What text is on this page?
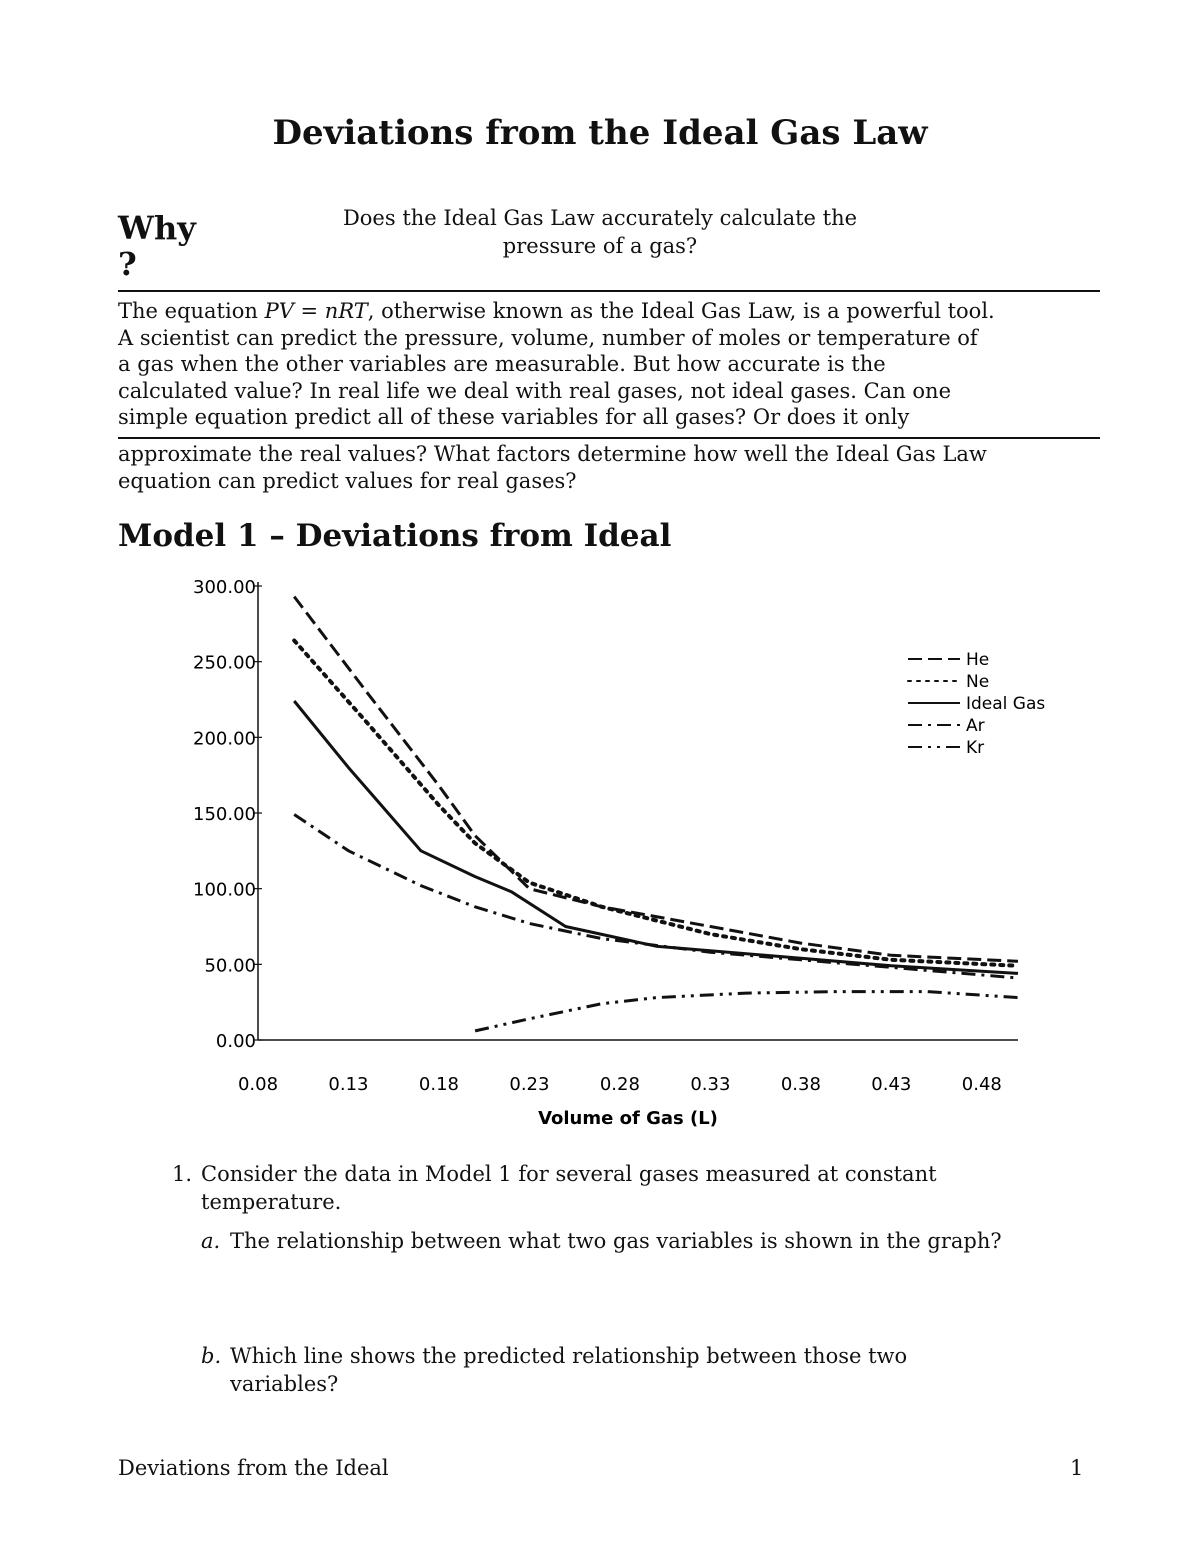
Deviations from the Ideal Gas Law
Why
?
Does the Ideal Gas Law accurately calculate the pressure of a gas?
The equation PV = nRT, otherwise known as the Ideal Gas Law, is a powerful tool.
A scientist can predict the pressure, volume, number of moles or temperature of
a gas when the other variables are measurable. But how accurate is the
calculated value? In real life we deal with real gases, not ideal gases. Can one
simple equation predict all of these variables for all gases? Or does it only
approximate the real values? What factors determine how well the Ideal Gas Law
equation can predict values for real gases?
Model 1 – Deviations from Ideal
0.00
50.00
100.00
150.00
200.00
250.00
300.00
0.08	0.13	0.18	0.23	0.28	0.33	0.38	0.43	0.48
Volume of Gas (L)
He
Ne
Ideal Gas
Ar
Kr
1. Consider the data in Model 1 for several gases measured at constant
temperature.
a. The relationship between what two gas variables is shown in the graph?
b. Which line shows the predicted relationship between those two
variables?
Deviations from the Ideal	1
